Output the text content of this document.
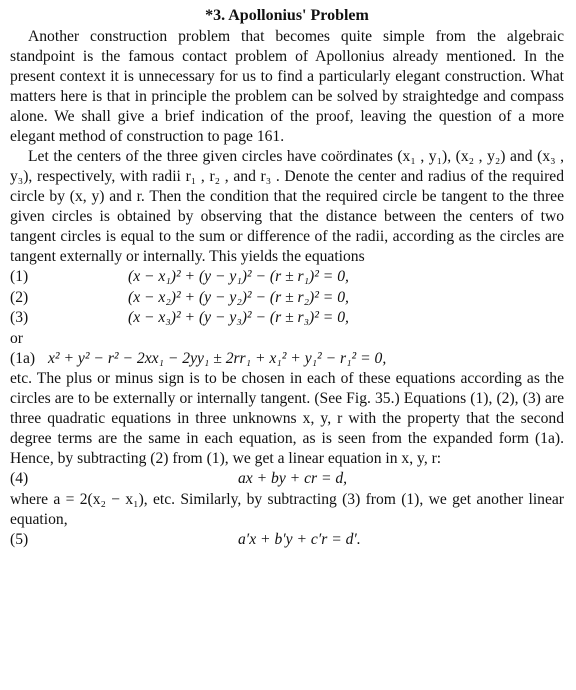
*3. Apollonius' Problem

Another construction problem that becomes quite simple from the algebraic standpoint is the famous contact problem of Apollonius already mentioned. In the present context it is unnecessary for us to find a particularly elegant construction. What matters here is that in principle the problem can be solved by straightedge and compass alone. We shall give a brief indication of the proof, leaving the question of a more elegant method of construction to page 161.

Let the centers of the three given circles have coördinates (x₁ , y₁), (x₂ , y₂) and (x₃ , y₃), respectively, with radii r₁ , r₂ , and r₃ . Denote the center and radius of the required circle by (x, y) and r. Then the condition that the required circle be tangent to the three given circles is obtained by observing that the distance between the centers of two tangent circles is equal to the sum or difference of the radii, according as the circles are tangent externally or internally. This yields the equations

(1)	(x − x₁)² + (y − y₁)² − (r ± r₁)² = 0,
(2)	(x − x₂)² + (y − y₂)² − (r ± r₂)² = 0,
(3)	(x − x₃)² + (y − y₃)² − (r ± r₃)² = 0,
or
(1a) x² + y² − r² − 2xx₁ − 2yy₁ ± 2rr₁ + x₁² + y₁² − r₁² = 0,

etc. The plus or minus sign is to be chosen in each of these equations according as the circles are to be externally or internally tangent. (See Fig. 35.) Equations (1), (2), (3) are three quadratic equations in three unknowns x, y, r with the property that the second degree terms are the same in each equation, as is seen from the expanded form (1a). Hence, by subtracting (2) from (1), we get a linear equation in x, y, r:

(4)	ax + by + cr = d,

where a = 2(x₂ − x₁), etc. Similarly, by subtracting (3) from (1), we get another linear equation,

(5)	a′x + b′y + c′r = d′.
